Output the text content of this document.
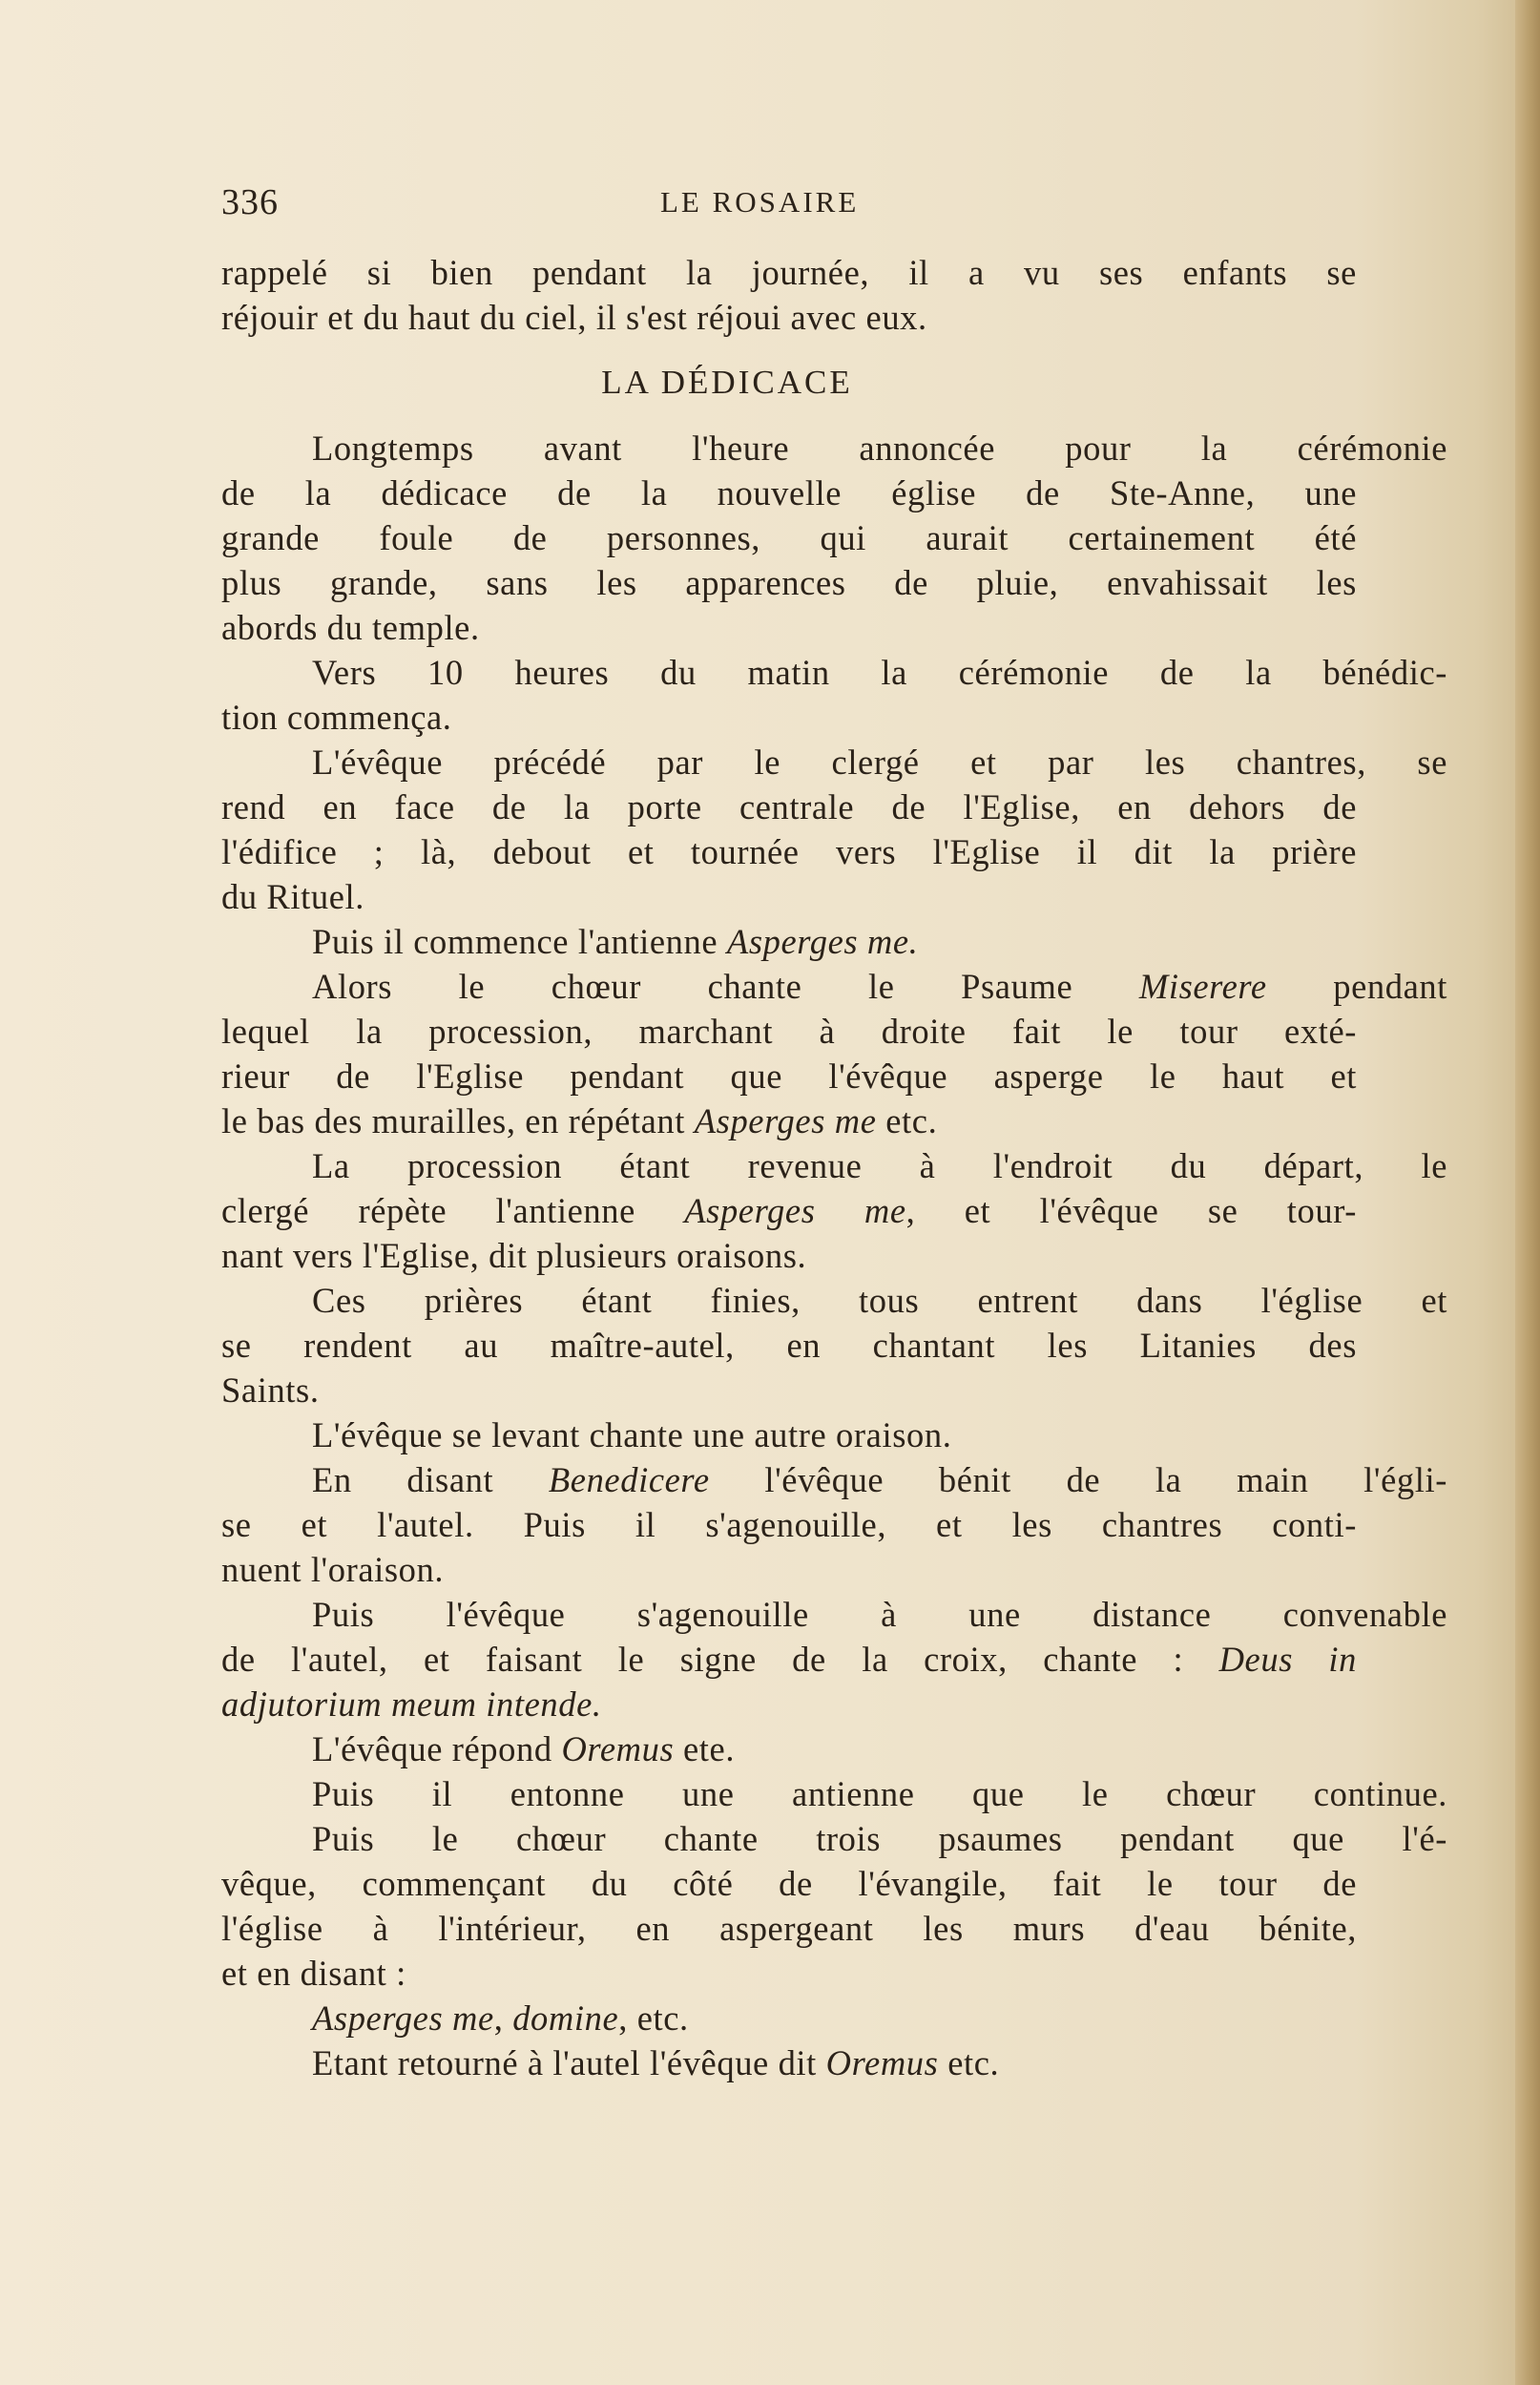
336	LE ROSAIRE
rappelé si bien pendant la journée, il a vu ses enfants se
réjouir et du haut du ciel, il s'est réjoui avec eux.
LA DÉDICACE
Longtemps avant l'heure annoncée pour la cérémonie
de la dédicace de la nouvelle église de Ste-Anne, une
grande foule de personnes, qui aurait certainement été
plus grande, sans les apparences de pluie, envahissait les
abords du temple.
Vers 10 heures du matin la cérémonie de la bénédic-
tion commença.
L'évêque précédé par le clergé et par les chantres, se
rend en face de la porte centrale de l'Eglise, en dehors de
l'édifice ; là, debout et tournée vers l'Eglise il dit la prière
du Rituel.
Puis il commence l'antienne Asperges me.
Alors le chœur chante le Psaume Miserere pendant
lequel la procession, marchant à droite fait le tour exté-
rieur de l'Eglise pendant que l'évêque asperge le haut et
le bas des murailles, en répétant Asperges me etc.
La procession étant revenue à l'endroit du départ, le
clergé répète l'antienne Asperges me, et l'évêque se tour-
nant vers l'Eglise, dit plusieurs oraisons.
Ces prières étant finies, tous entrent dans l'église et
se rendent au maître-autel, en chantant les Litanies des
Saints.
L'évêque se levant chante une autre oraison.
En disant Benedicere l'évêque bénit de la main l'égli-
se et l'autel. Puis il s'agenouille, et les chantres conti-
nuent l'oraison.
Puis l'évêque s'agenouille à une distance convenable
de l'autel, et faisant le signe de la croix, chante : Deus in
adjutorium meum intende.
L'évêque répond Oremus ete.
Puis il entonne une antienne que le chœur continue.
Puis le chœur chante trois psaumes pendant que l'é-
vêque, commençant du côté de l'évangile, fait le tour de
l'église à l'intérieur, en aspergeant les murs d'eau bénite,
et en disant :
Asperges me, domine, etc.
Etant retourné à l'autel l'évêque dit Oremus etc.
